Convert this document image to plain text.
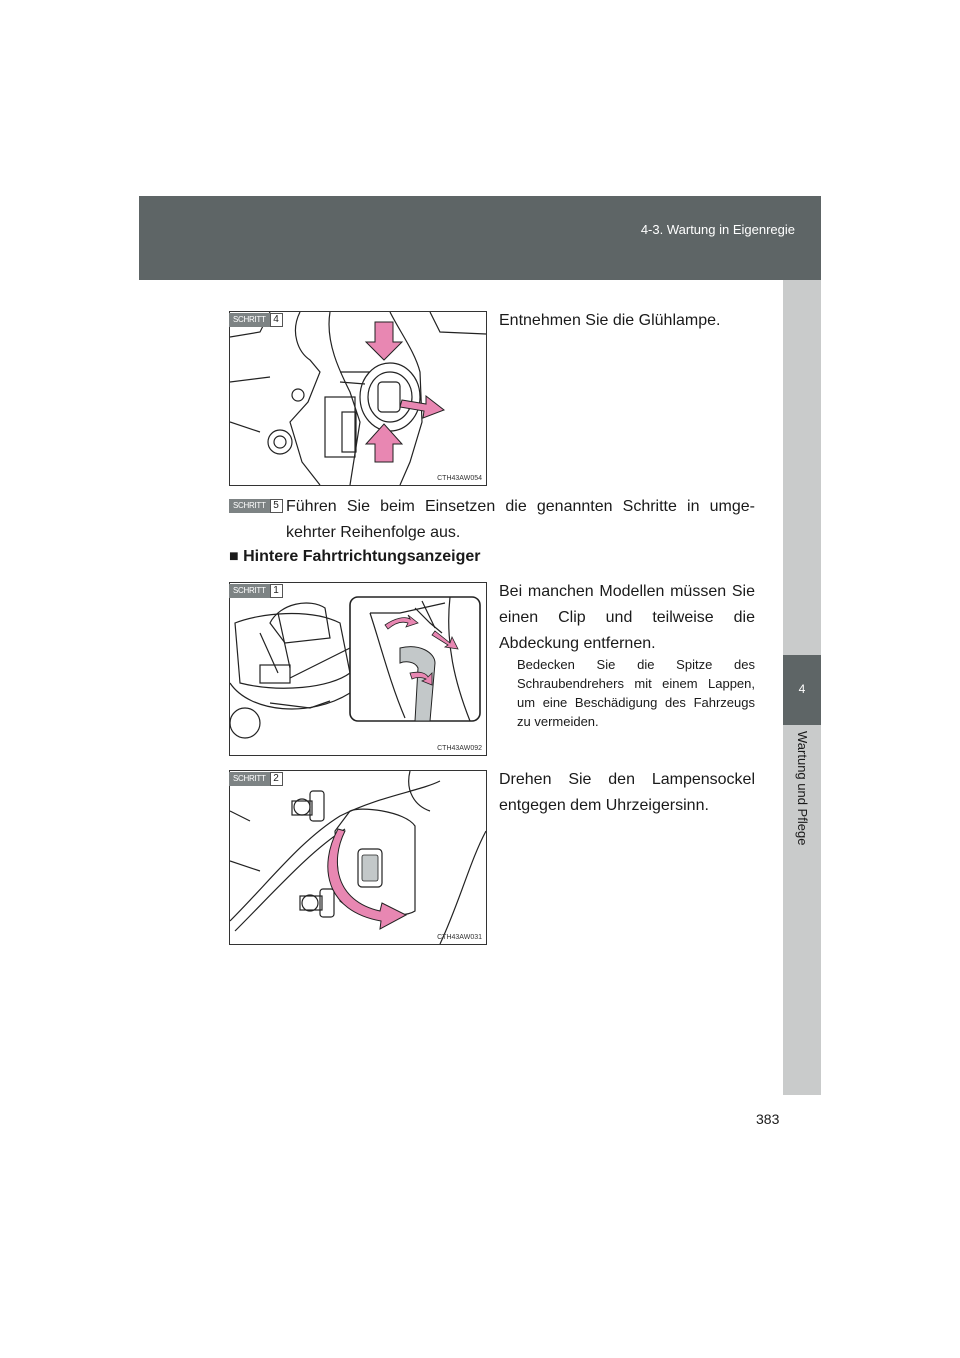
4-3. Wartung in Eigenregie
4
Wartung und Pflege
CTH43AW054
SCHRITT 4	Entnehmen Sie die Glühlampe.
SCHRITT 5 Führen Sie beim Einsetzen die genannten Schritte in umge-
kehrter Reihenfolge aus.
■ Hintere Fahrtrichtungsanzeiger
CTH43AW092
SCHRITT 1	Bei manchen Modellen müssen Sie einen Clip und teilweise die Abdeckung entfernen.
Bedecken Sie die Spitze des Schraubendrehers mit einem Lappen, um eine Beschädigung des Fahrzeugs zu vermeiden.
CTH43AW031
SCHRITT 2	Drehen Sie den Lampensockel entgegen dem Uhrzeigersinn.
383
